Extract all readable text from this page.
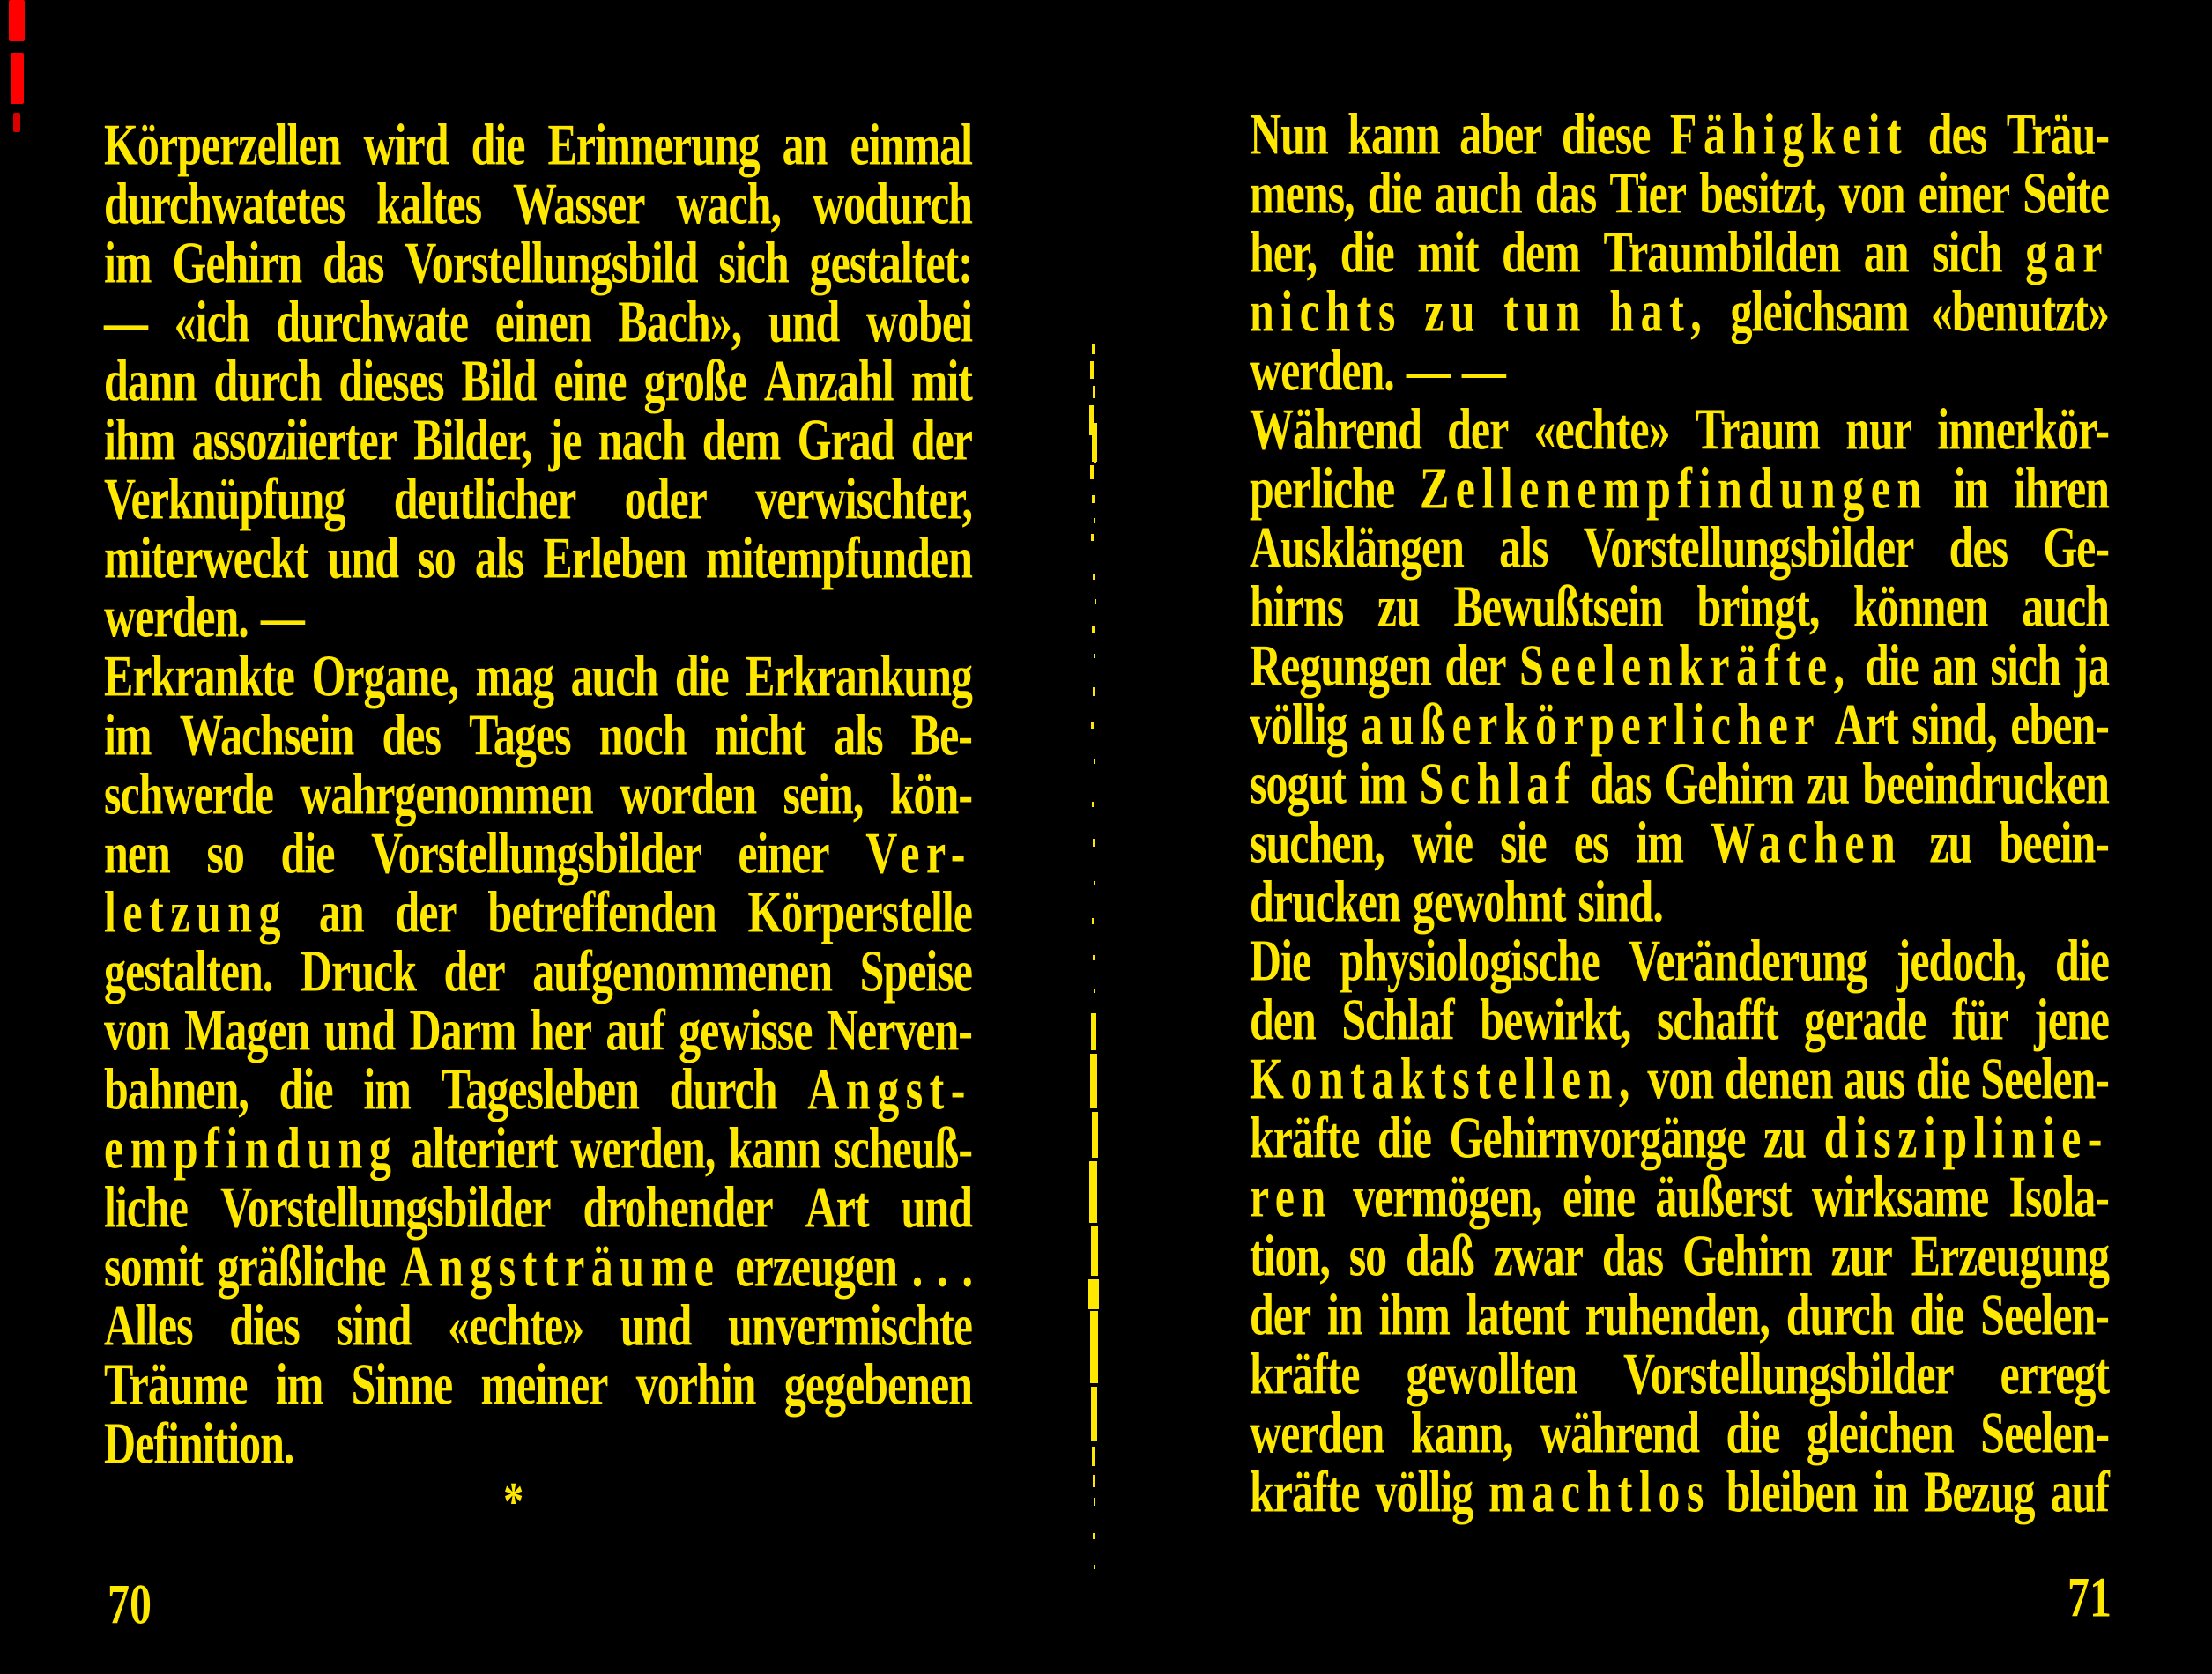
Körperzellen wird die Erinnerung an einmal
durchwatetes kaltes Wasser wach, wodurch
im Gehirn das Vorstellungsbild sich gestaltet:
— «ich durchwate einen Bach», und wobei
dann durch dieses Bild eine große Anzahl mit
ihm assoziierter Bilder, je nach dem Grad der
Verknüpfung deutlicher oder verwischter,
miterweckt und so als Erleben mitempfunden
werden. —
Erkrankte Organe, mag auch die Erkrankung
im Wachsein des Tages noch nicht als Be-
schwerde wahrgenommen worden sein, kön-
nen so die Vorstellungsbilder einer Ver-
letzung an der betreffenden Körperstelle
gestalten. Druck der aufgenommenen Speise
von Magen und Darm her auf gewisse Nerven-
bahnen, die im Tagesleben durch Angst-
empfindung alteriert werden, kann scheuß-
liche Vorstellungsbilder drohender Art und
somit gräßliche Angstträume erzeugen . . .
Alles dies sind «echte» und unvermischte
Träume im Sinne meiner vorhin gegebenen
Definition.
*
Nun kann aber diese Fähigkeit des Träu-
mens, die auch das Tier besitzt, von einer Seite
her, die mit dem Traumbilden an sich gar
nichts zu tun hat, gleichsam «benutzt»
werden. — —
Während der «echte» Traum nur innerkör-
perliche Zellenempfindungen in ihren
Ausklängen als Vorstellungsbilder des Ge-
hirns zu Bewußtsein bringt, können auch
Regungen der Seelenkräfte, die an sich ja
völlig außerkörperlicher Art sind, eben-
sogut im Schlaf das Gehirn zu beeindrucken
suchen, wie sie es im Wachen zu beein-
drucken gewohnt sind.
Die physiologische Veränderung jedoch, die
den Schlaf bewirkt, schafft gerade für jene
Kontaktstellen, von denen aus die Seelen-
kräfte die Gehirnvorgänge zu disziplinie-
ren vermögen, eine äußerst wirksame Isola-
tion, so daß zwar das Gehirn zur Erzeugung
der in ihm latent ruhenden, durch die Seelen-
kräfte gewollten Vorstellungsbilder erregt
werden kann, während die gleichen Seelen-
kräfte völlig machtlos bleiben in Bezug auf
70	71
